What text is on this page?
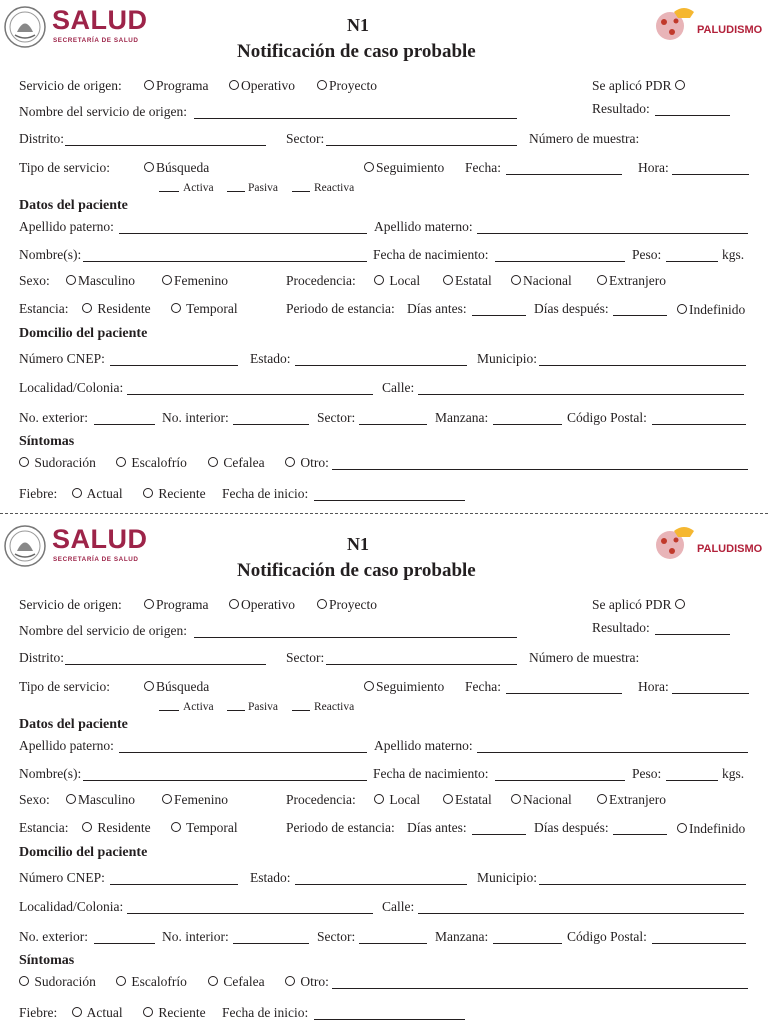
SALUD
SECRETARÍA DE SALUD
N1
Notificación de caso probable
PALUDISMO
Servicio de origen:	Programa	Operativo	Proyecto	Se aplicó PDR
Nombre del servicio de origen:	Resultado:
Distrito:	Sector:	Número de muestra:
Tipo de servicio:	Búsqueda	Seguimiento Fecha:	Hora:
Activa	Pasiva	Reactiva
Datos del paciente
Apellido paterno:	Apellido materno:
Nombre(s):	Fecha de nacimiento:	Peso:	kgs.
Sexo:	Masculino	Femenino	Procedencia:	Local	Estatal	Nacional	Extranjero
Estancia:	Residente	Temporal	Periodo de estancia: Días antes:	Días después:	Indefinido
Domcilio del paciente
Número CNEP:	Estado:	Municipio:
Localidad/Colonia:	Calle:
No. exterior:	No. interior:	Sector:	Manzana:	Código Postal:
Síntomas
Sudoración	Escalofrío	Cefalea	Otro:
Fiebre:	Actual	Reciente Fecha de inicio:
SALUD
SECRETARÍA DE SALUD
N1
Notificación de caso probable
PALUDISMO
Servicio de origen:	Programa	Operativo	Proyecto	Se aplicó PDR
Nombre del servicio de origen:	Resultado:
Distrito:	Sector:	Número de muestra:
Tipo de servicio:	Búsqueda	Seguimiento Fecha:	Hora:
Activa	Pasiva	Reactiva
Datos del paciente
Apellido paterno:	Apellido materno:
Nombre(s):	Fecha de nacimiento:	Peso:	kgs.
Sexo:	Masculino	Femenino	Procedencia:	Local	Estatal	Nacional	Extranjero
Estancia:	Residente	Temporal	Periodo de estancia: Días antes:	Días después:	Indefinido
Domcilio del paciente
Número CNEP:	Estado:	Municipio:
Localidad/Colonia:	Calle:
No. exterior:	No. interior:	Sector:	Manzana:	Código Postal:
Síntomas
Sudoración	Escalofrío	Cefalea	Otro:
Fiebre:	Actual	Reciente Fecha de inicio:
